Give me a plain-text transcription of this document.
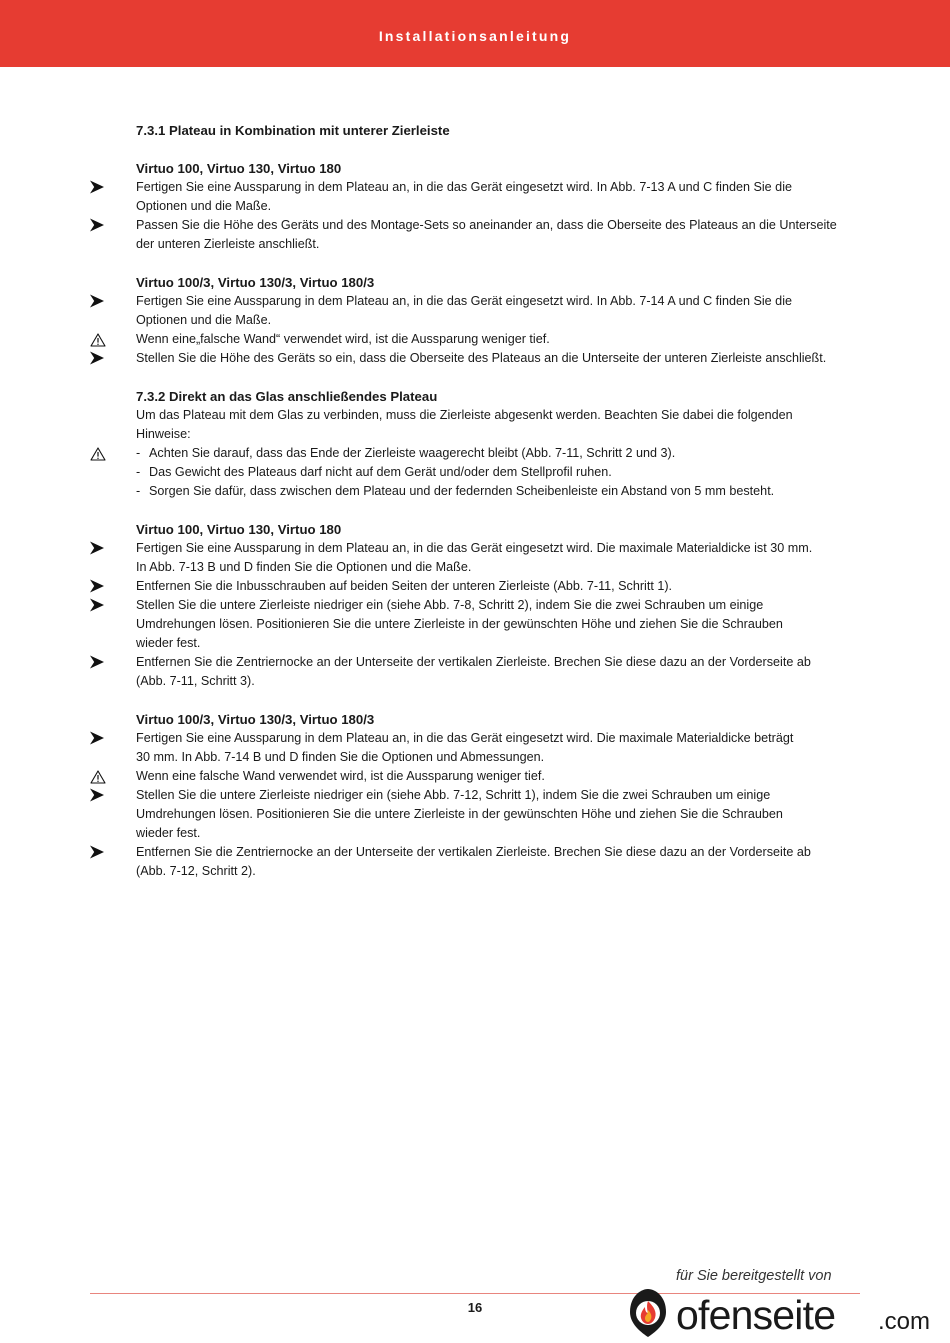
Installationsanleitung
7.3.1 Plateau in Kombination mit unterer Zierleiste
Virtuo 100, Virtuo 130, Virtuo 180
Fertigen Sie eine Aussparung in dem Plateau an, in die das Gerät eingesetzt wird. In Abb. 7-13 A und C finden Sie die
Optionen und die Maße.
Passen Sie die Höhe des Geräts und des Montage-Sets so aneinander an, dass die Oberseite des Plateaus an die Unterseite
der unteren Zierleiste anschließt.
Virtuo 100/3, Virtuo 130/3, Virtuo 180/3
Fertigen Sie eine Aussparung in dem Plateau an, in die das Gerät eingesetzt wird. In Abb. 7-14 A und C finden Sie die
Optionen und die Maße.
Wenn eine„falsche Wand“ verwendet wird, ist die Aussparung weniger tief.
Stellen Sie die Höhe des Geräts so ein, dass die Oberseite des Plateaus an die Unterseite der unteren Zierleiste anschließt.
7.3.2 Direkt an das Glas anschließendes Plateau
Um das Plateau mit dem Glas zu verbinden, muss die Zierleiste abgesenkt werden. Beachten Sie dabei die folgenden
Hinweise:
- Achten Sie darauf, dass das Ende der Zierleiste waagerecht bleibt (Abb. 7-11, Schritt 2 und 3).
- Das Gewicht des Plateaus darf nicht auf dem Gerät und/oder dem Stellprofil ruhen.
- Sorgen Sie dafür, dass zwischen dem Plateau und der federnden Scheibenleiste ein Abstand von 5 mm besteht.
Virtuo 100, Virtuo 130, Virtuo 180
Fertigen Sie eine Aussparung in dem Plateau an, in die das Gerät eingesetzt wird. Die maximale Materialdicke ist 30 mm.
In Abb. 7-13 B und D finden Sie die Optionen und die Maße.
Entfernen Sie die Inbusschrauben auf beiden Seiten der unteren Zierleiste (Abb. 7-11, Schritt 1).
Stellen Sie die untere Zierleiste niedriger ein (siehe Abb. 7-8, Schritt 2), indem Sie die zwei Schrauben um einige
Umdrehungen lösen. Positionieren Sie die untere Zierleiste in der gewünschten Höhe und ziehen Sie die Schrauben
wieder fest.
Entfernen Sie die Zentriernocke an der Unterseite der vertikalen Zierleiste. Brechen Sie diese dazu an der Vorderseite ab
(Abb. 7-11, Schritt 3).
Virtuo 100/3, Virtuo 130/3, Virtuo 180/3
Fertigen Sie eine Aussparung in dem Plateau an, in die das Gerät eingesetzt wird. Die maximale Materialdicke beträgt
30 mm. In Abb. 7-14 B und D finden Sie die Optionen und Abmessungen.
Wenn eine falsche Wand verwendet wird, ist die Aussparung weniger tief.
Stellen Sie die untere Zierleiste niedriger ein (siehe Abb. 7-12, Schritt 1), indem Sie die zwei Schrauben um einige
Umdrehungen lösen. Positionieren Sie die untere Zierleiste in der gewünschten Höhe und ziehen Sie die Schrauben
wieder fest.
Entfernen Sie die Zentriernocke an der Unterseite der vertikalen Zierleiste. Brechen Sie diese dazu an der Vorderseite ab
(Abb. 7-12, Schritt 2).
16
für Sie bereitgestellt von
ofenseite .com
